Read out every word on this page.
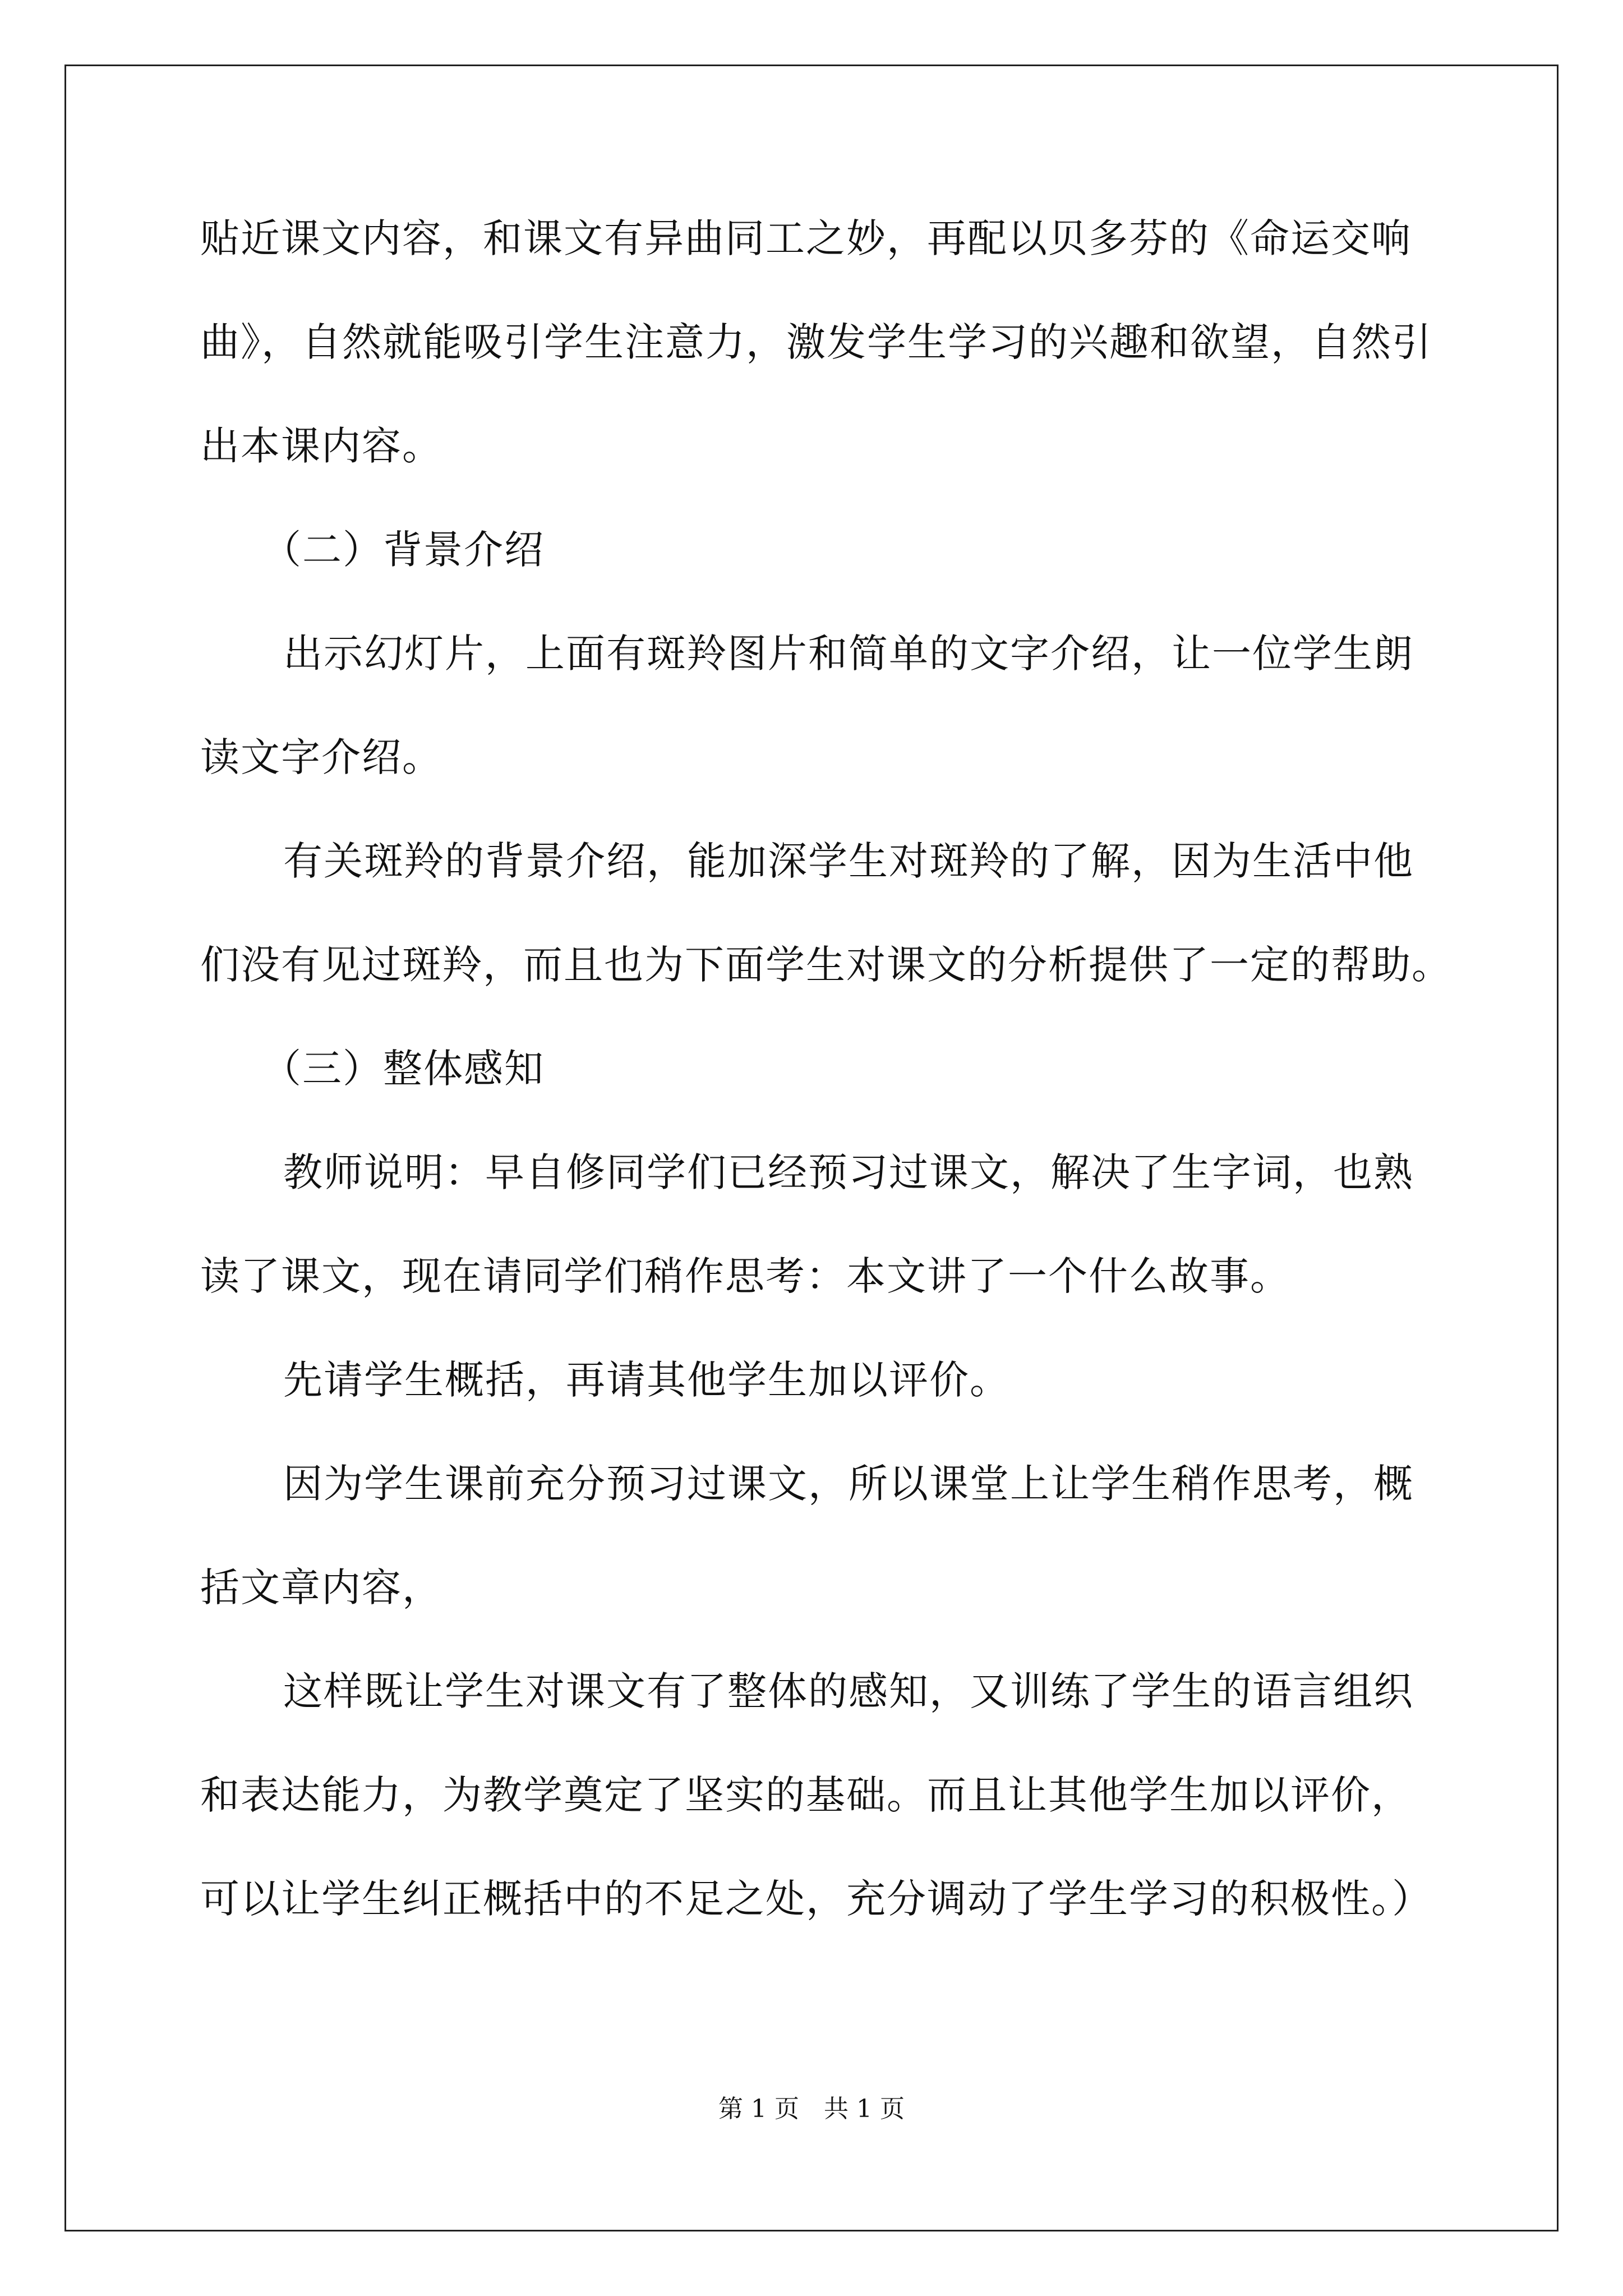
贴近课文内容，和课文有异曲同工之妙，再配以贝多芬的《命运交响
曲》，自然就能吸引学生注意力，激发学生学习的兴趣和欲望，自然引
出本课内容。
（二）背景介绍
出示幻灯片，上面有斑羚图片和简单的文字介绍，让一位学生朗
读文字介绍。
有关斑羚的背景介绍，能加深学生对斑羚的了解，因为生活中他
们没有见过斑羚，而且也为下面学生对课文的分析提供了一定的帮助。
（三）整体感知
教师说明：早自修同学们已经预习过课文，解决了生字词，也熟
读了课文，现在请同学们稍作思考：本文讲了一个什么故事。
先请学生概括，再请其他学生加以评价。
因为学生课前充分预习过课文，所以课堂上让学生稍作思考，概
括文章内容，
这样既让学生对课文有了整体的感知，又训练了学生的语言组织
和表达能力，为教学奠定了坚实的基础。而且让其他学生加以评价，
可以让学生纠正概括中的不足之处，充分调动了学生学习的积极性。）
第 1 页　共 1 页
